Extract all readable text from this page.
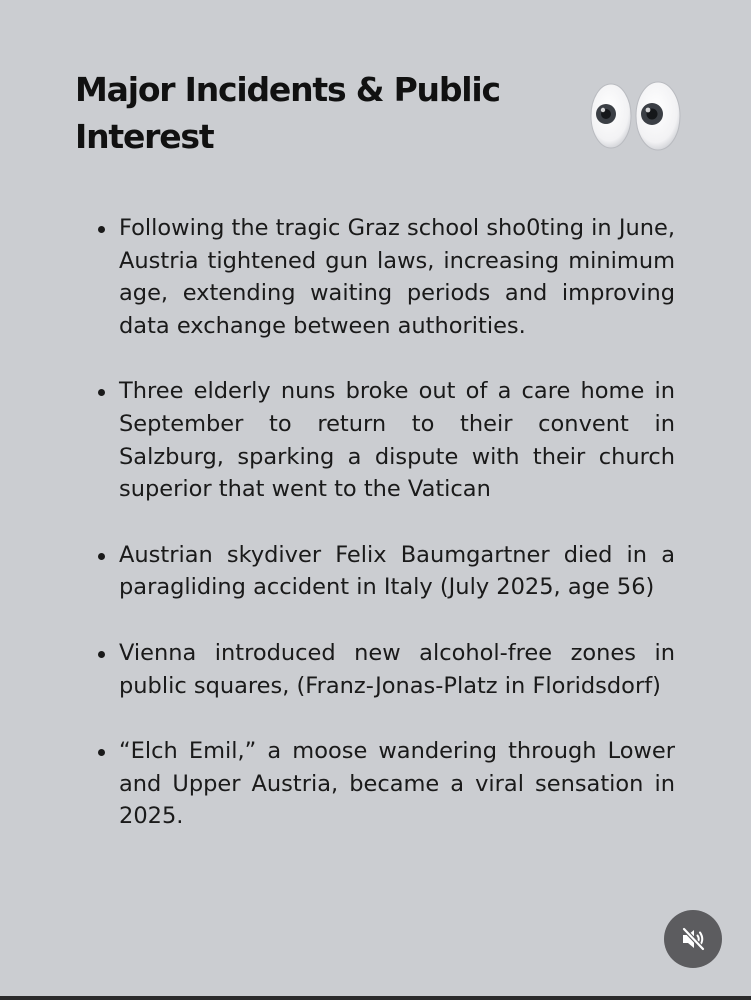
Major Incidents & Public Interest
Following the tragic Graz school sho0ting in June, Austria tightened gun laws, increasing minimum age, extending waiting periods and improving data exchange between authorities.
Three elderly nuns broke out of a care home in September to return to their convent in Salzburg, sparking a dispute with their church superior that went to the Vatican
Austrian skydiver Felix Baumgartner died in a paragliding accident in Italy (July 2025, age 56)
Vienna introduced new alcohol-free zones in public squares, (Franz-Jonas-Platz in Floridsdorf)
“Elch Emil,” a moose wandering through Lower and Upper Austria, became a viral sensation in 2025.
